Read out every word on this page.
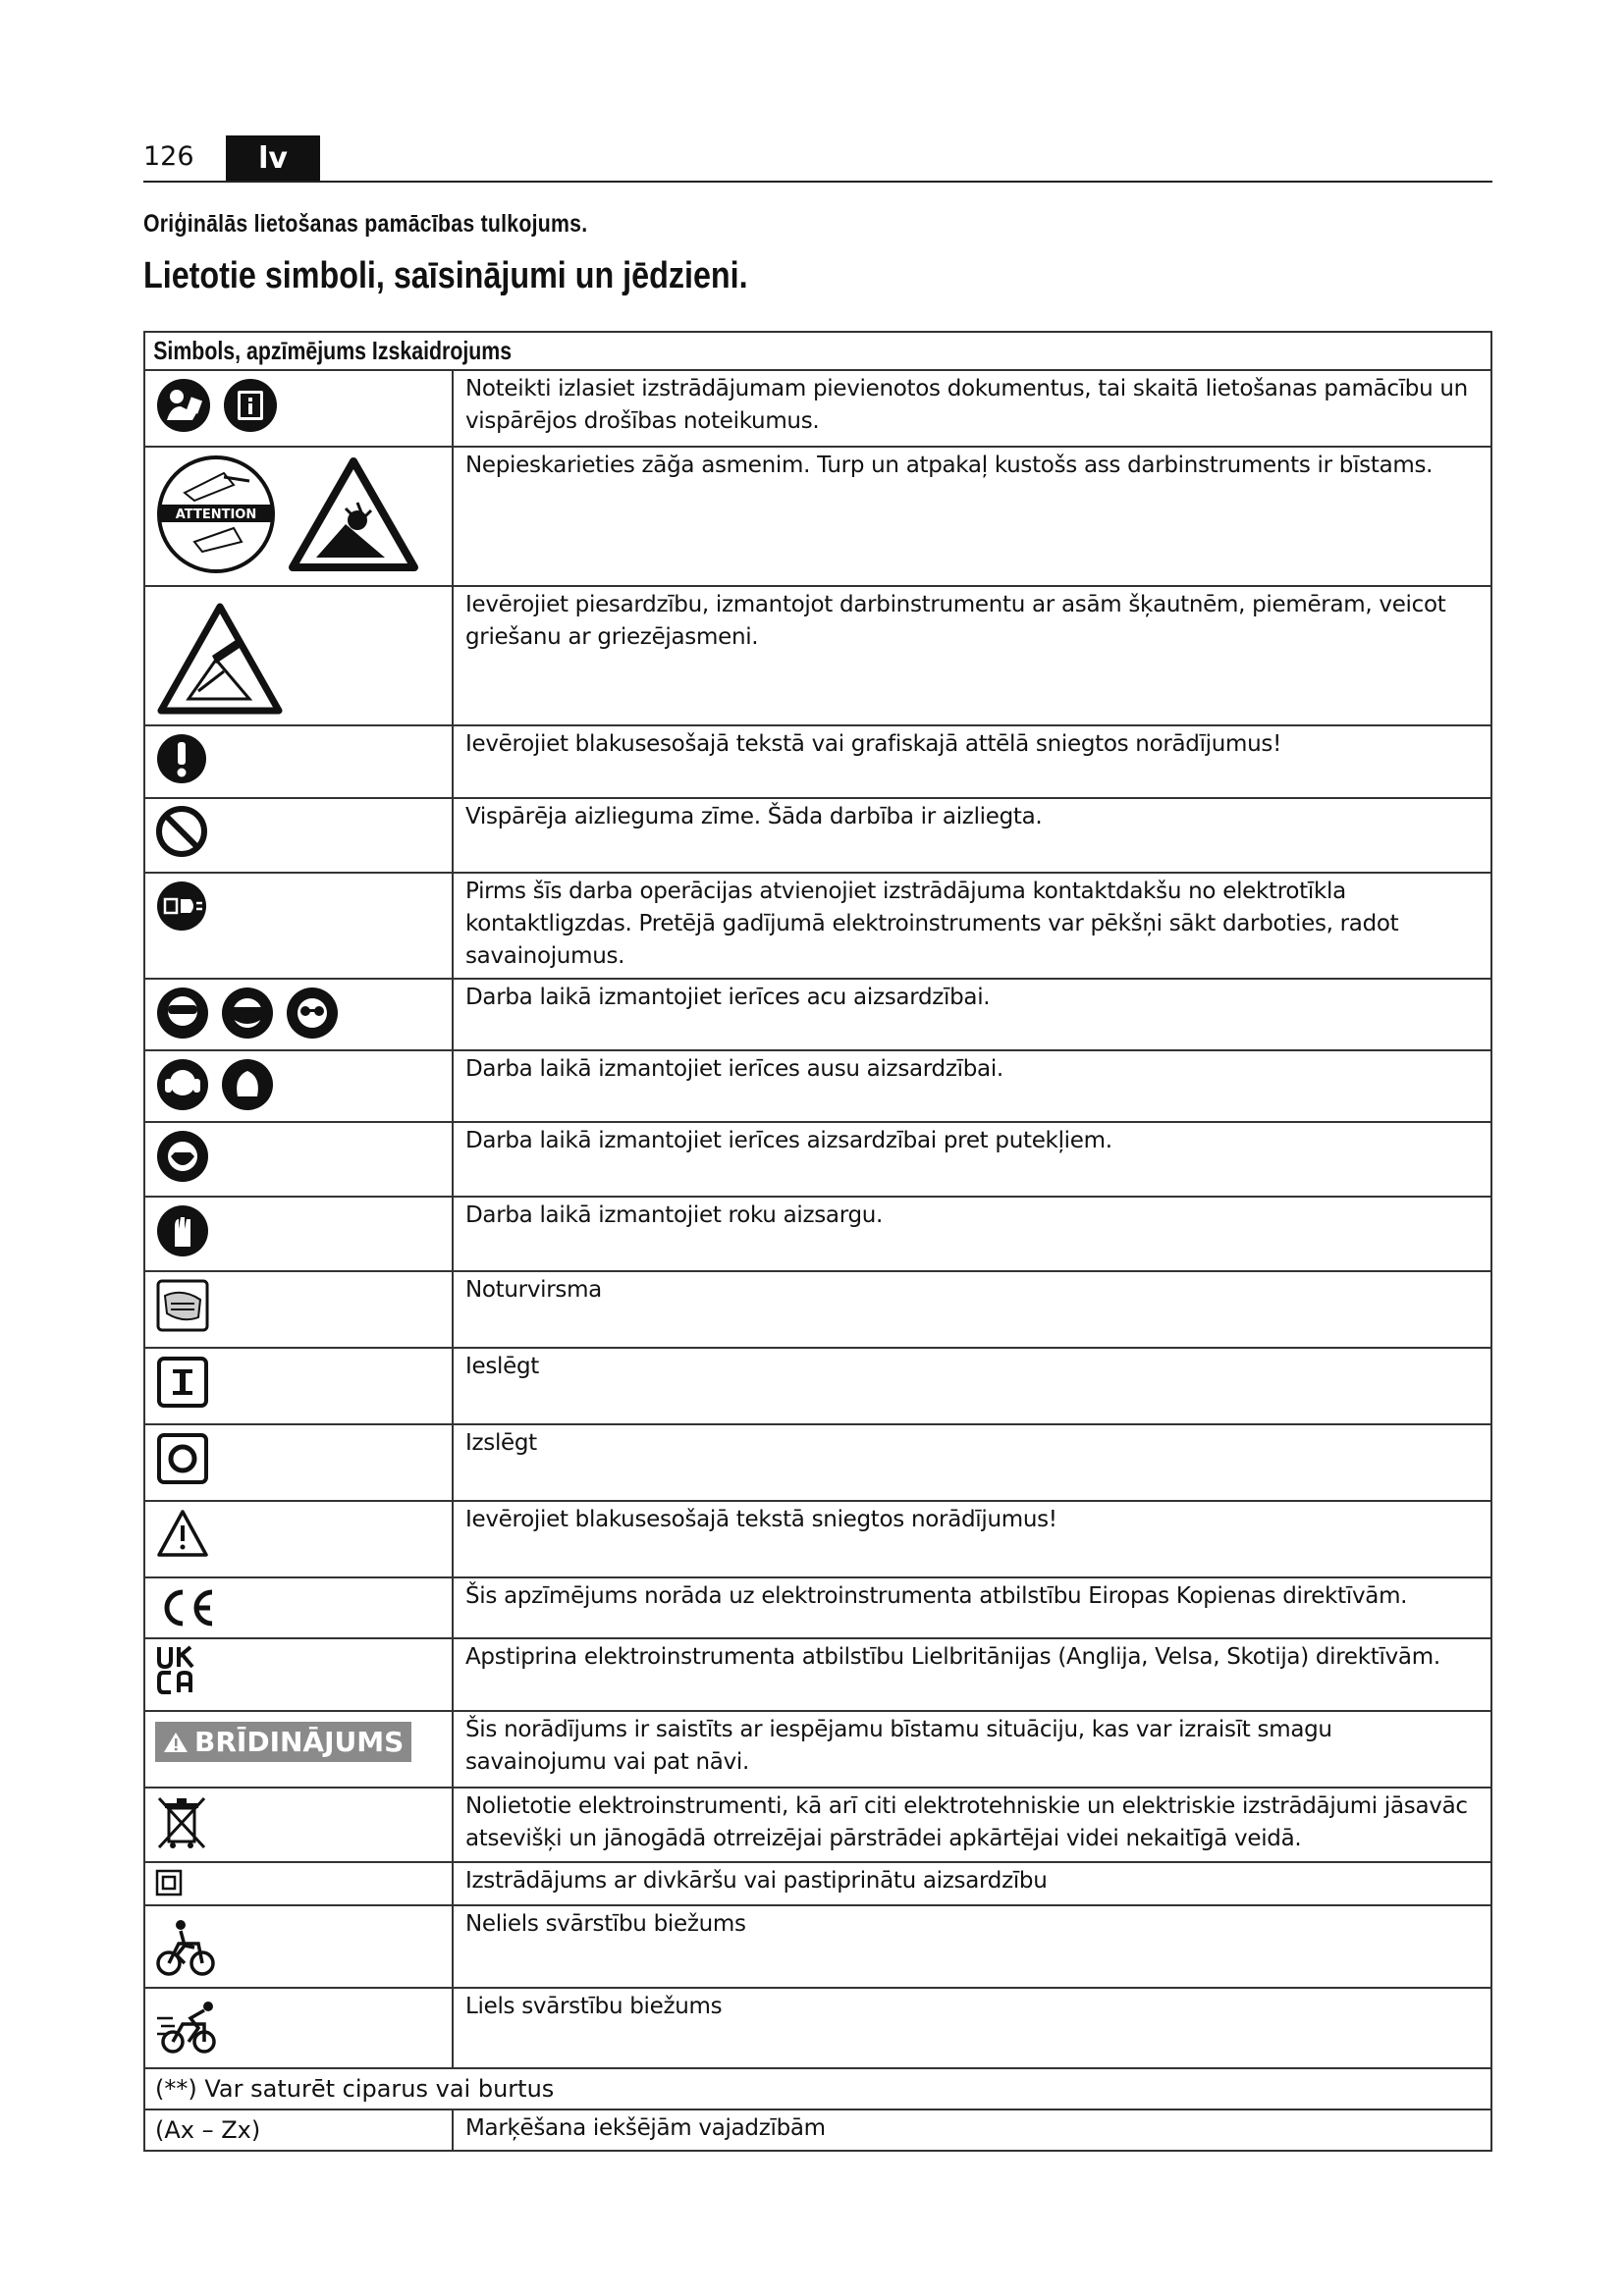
126	lv
Oriģinālās lietošanas pamācības tulkojums.
Lietotie simboli, saīsinājumi un jēdzieni.
Simbols, apzīmējums Izskaidrojums	

	Noteikti izlasiet izstrādājumam pievienotos dokumentus, tai skaitā lietošanas pamācību un vispārējos drošības noteikumus.

ATTENTION	Nepieskarieties zāğa asmenim. Turp un atpakaļ kustošs ass darbinstruments ir bīstams.

	Ievērojiet piesardzību, izmantojot darbinstrumentu ar asām šķautnēm, piemēram, veicot griešanu ar griezējasmeni.

	Ievērojiet blakusesošajā tekstā vai grafiskajā attēlā sniegtos norādījumus!

	Vispārēja aizlieguma zīme. Šāda darbība ir aizliegta.

	Pirms šīs darba operācijas atvienojiet izstrādājuma kontaktdakšu no elektrotīkla kontaktligzdas. Pretējā gadījumā elektroinstruments var pēkšņi sākt darboties, radot savainojumus.

	Darba laikā izmantojiet ierīces acu aizsardzībai.

	Darba laikā izmantojiet ierīces ausu aizsardzībai.

	Darba laikā izmantojiet ierīces aizsardzībai pret putekļiem.

	Darba laikā izmantojiet roku aizsargu.

	Noturvirsma

	Ieslēgt

	Izslēgt

	Ievērojiet blakusesošajā tekstā sniegtos norādījumus!

	Šis apzīmējums norāda uz elektroinstrumenta atbilstību Eiropas Kopienas direktīvām.

	Apstiprina elektroinstrumenta atbilstību Lielbritānijas (Anglija, Velsa, Skotija) direktīvām.

BRĪDINĀJUMS	Šis norādījums ir saistīts ar iespējamu bīstamu situāciju, kas var izraisīt smagu savainojumu vai pat nāvi.

	Nolietotie elektroinstrumenti, kā arī citi elektrotehniskie un elektriskie izstrādājumi jāsavāc atsevišķi un jānogādā otrreizējai pārstrādei apkārtējai videi nekaitīgā veidā.

	Izstrādājums ar divkāršu vai pastiprinātu aizsardzību

	Neliels svārstību biežums

	Liels svārstību biežums
(**) Var saturēt ciparus vai burtus	
(Ax – Zx)	Marķēšana iekšējām vajadzībām
